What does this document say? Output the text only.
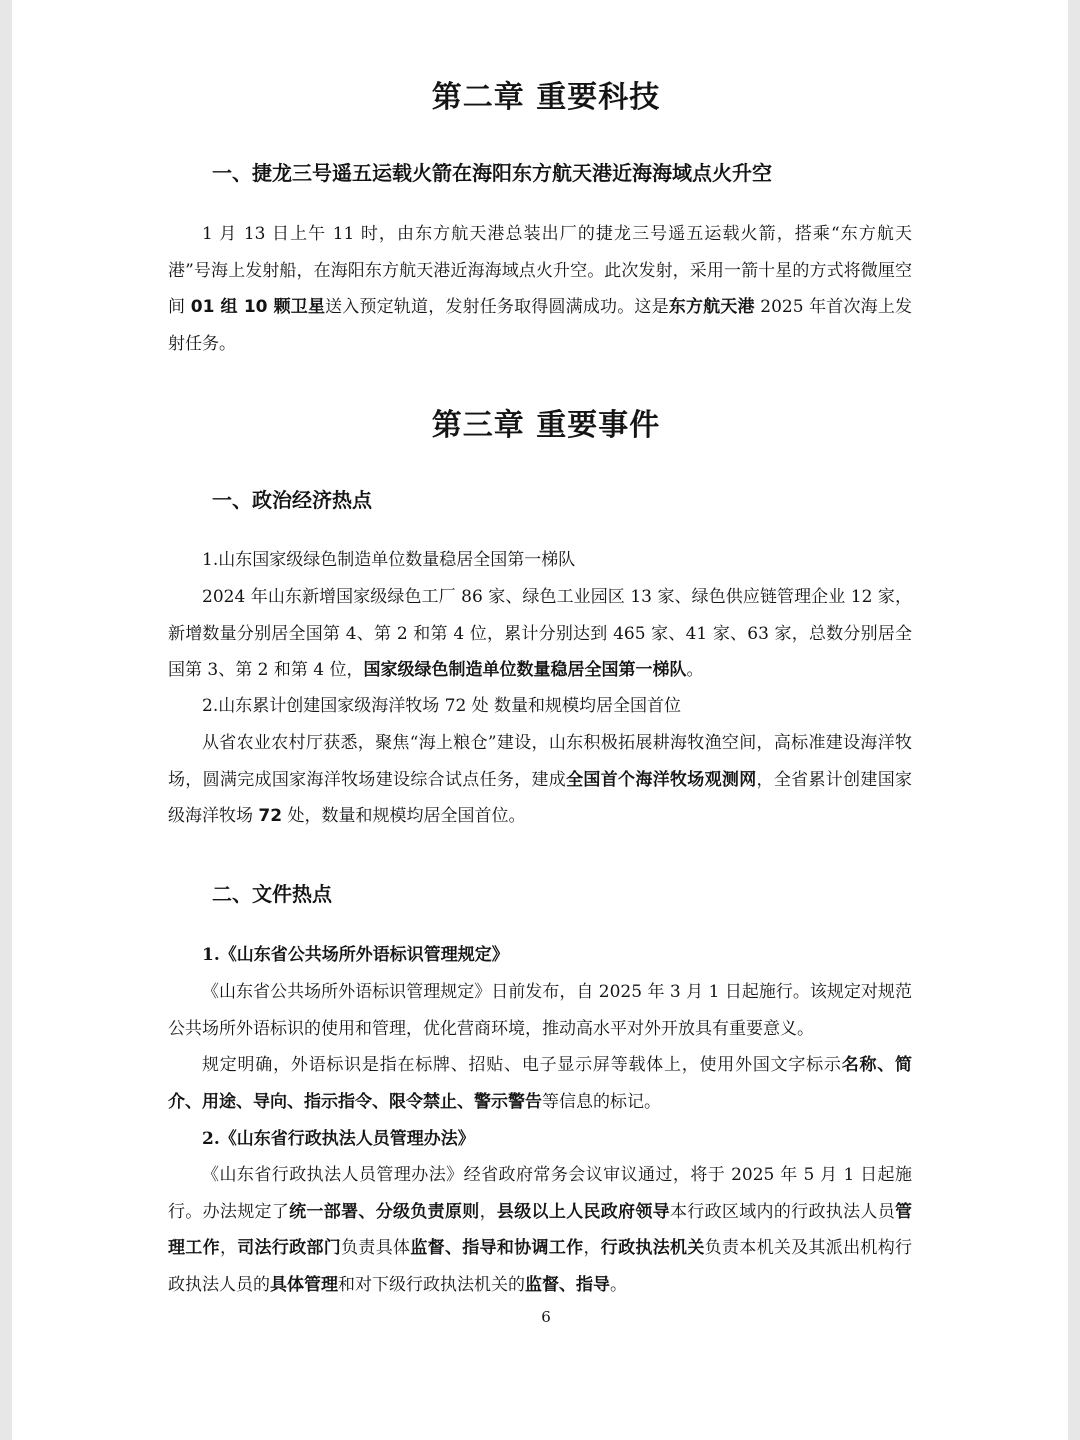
第二章 重要科技
一、捷龙三号遥五运载火箭在海阳东方航天港近海海域点火升空

1 月 13 日上午 11 时，由东方航天港总装出厂的捷龙三号遥五运载火箭，搭乘“东方航天港”号海上发射船，在海阳东方航天港近海海域点火升空。此次发射，采用一箭十星的方式将微厘空间 01 组 10 颗卫星送入预定轨道，发射任务取得圆满成功。这是东方航天港 2025 年首次海上发射任务。

第三章 重要事件
一、政治经济热点

1.山东国家级绿色制造单位数量稳居全国第一梯队

2024 年山东新增国家级绿色工厂 86 家、绿色工业园区 13 家、绿色供应链管理企业 12 家，新增数量分别居全国第 4、第 2 和第 4 位，累计分别达到 465 家、41 家、63 家，总数分别居全国第 3、第 2 和第 4 位，国家级绿色制造单位数量稳居全国第一梯队。

2.山东累计创建国家级海洋牧场 72 处 数量和规模均居全国首位

从省农业农村厅获悉，聚焦“海上粮仓”建设，山东积极拓展耕海牧渔空间，高标准建设海洋牧场，圆满完成国家海洋牧场建设综合试点任务，建成全国首个海洋牧场观测网，全省累计创建国家级海洋牧场 72 处，数量和规模均居全国首位。

二、文件热点

1.《山东省公共场所外语标识管理规定》

《山东省公共场所外语标识管理规定》日前发布，自 2025 年 3 月 1 日起施行。该规定对规范公共场所外语标识的使用和管理，优化营商环境，推动高水平对外开放具有重要意义。

规定明确，外语标识是指在标牌、招贴、电子显示屏等载体上，使用外国文字标示名称、简介、用途、导向、指示指令、限令禁止、警示警告等信息的标记。

2.《山东省行政执法人员管理办法》

《山东省行政执法人员管理办法》经省政府常务会议审议通过，将于 2025 年 5 月 1 日起施行。办法规定了统一部署、分级负责原则，县级以上人民政府领导本行政区域内的行政执法人员管理工作，司法行政部门负责具体监督、指导和协调工作，行政执法机关负责本机关及其派出机构行政执法人员的具体管理和对下级行政执法机关的监督、指导。

6
